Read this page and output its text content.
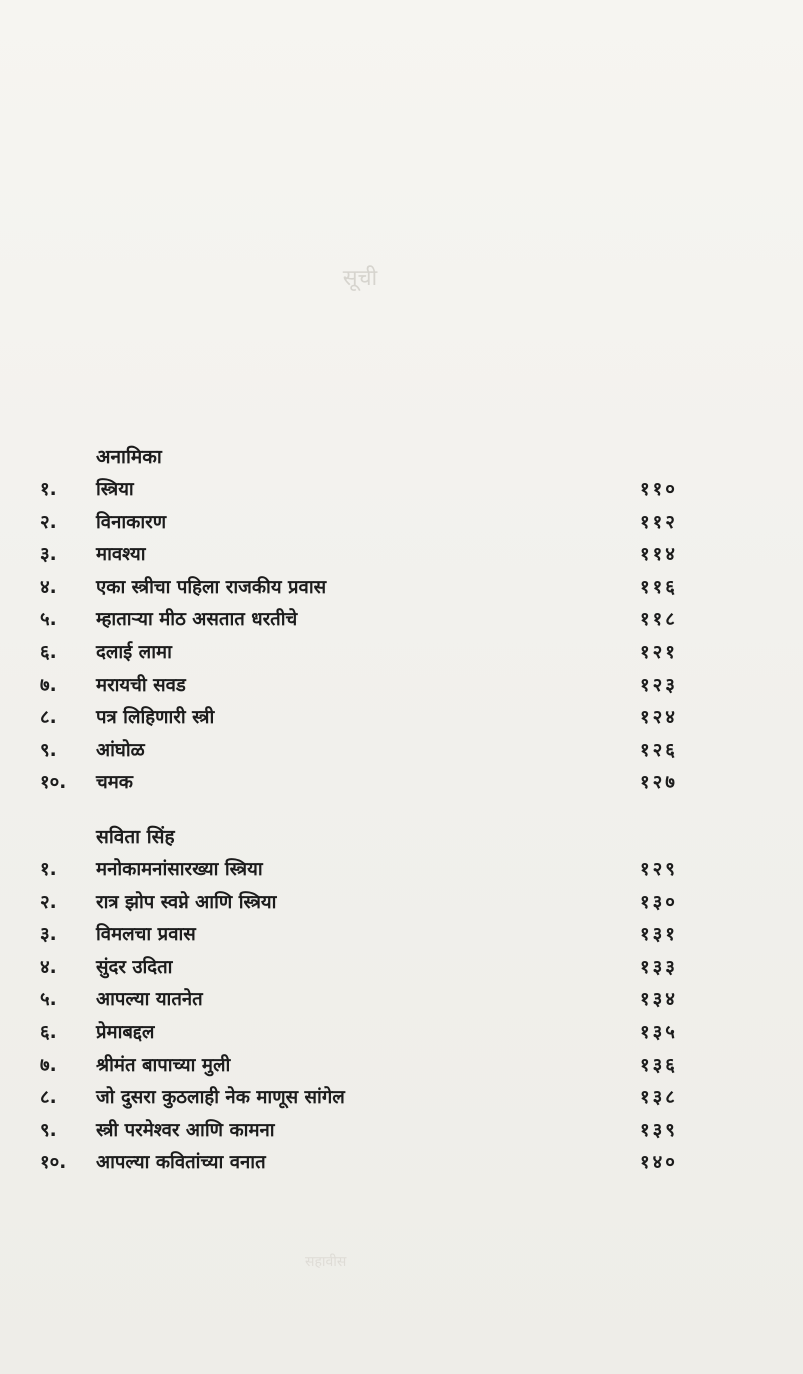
सूची
अनामिका
१.	स्त्रिया	११०
२.	विनाकारण	११२
३.	मावश्या	११४
४.	एका स्त्रीचा पहिला राजकीय प्रवास	११६
५.	म्हाताऱ्या मीठ असतात धरतीचे	११८
६.	दलाई लामा	१२१
७.	मरायची सवड	१२३
८.	पत्र लिहिणारी स्त्री	१२४
९.	आंघोळ	१२६
१०.	चमक	१२७
सविता सिंह
१.	मनोकामनांसारख्या स्त्रिया	१२९
२.	रात्र झोप स्वप्ने आणि स्त्रिया	१३०
३.	विमलचा प्रवास	१३१
४.	सुंदर उदिता	१३३
५.	आपल्या यातनेत	१३४
६.	प्रेमाबद्दल	१३५
७.	श्रीमंत बापाच्या मुली	१३६
८.	जो दुसरा कुठलाही नेक माणूस सांगेल	१३८
९.	स्त्री परमेश्वर आणि कामना	१३९
१०.	आपल्या कवितांच्या वनात	१४०
सहावीस
